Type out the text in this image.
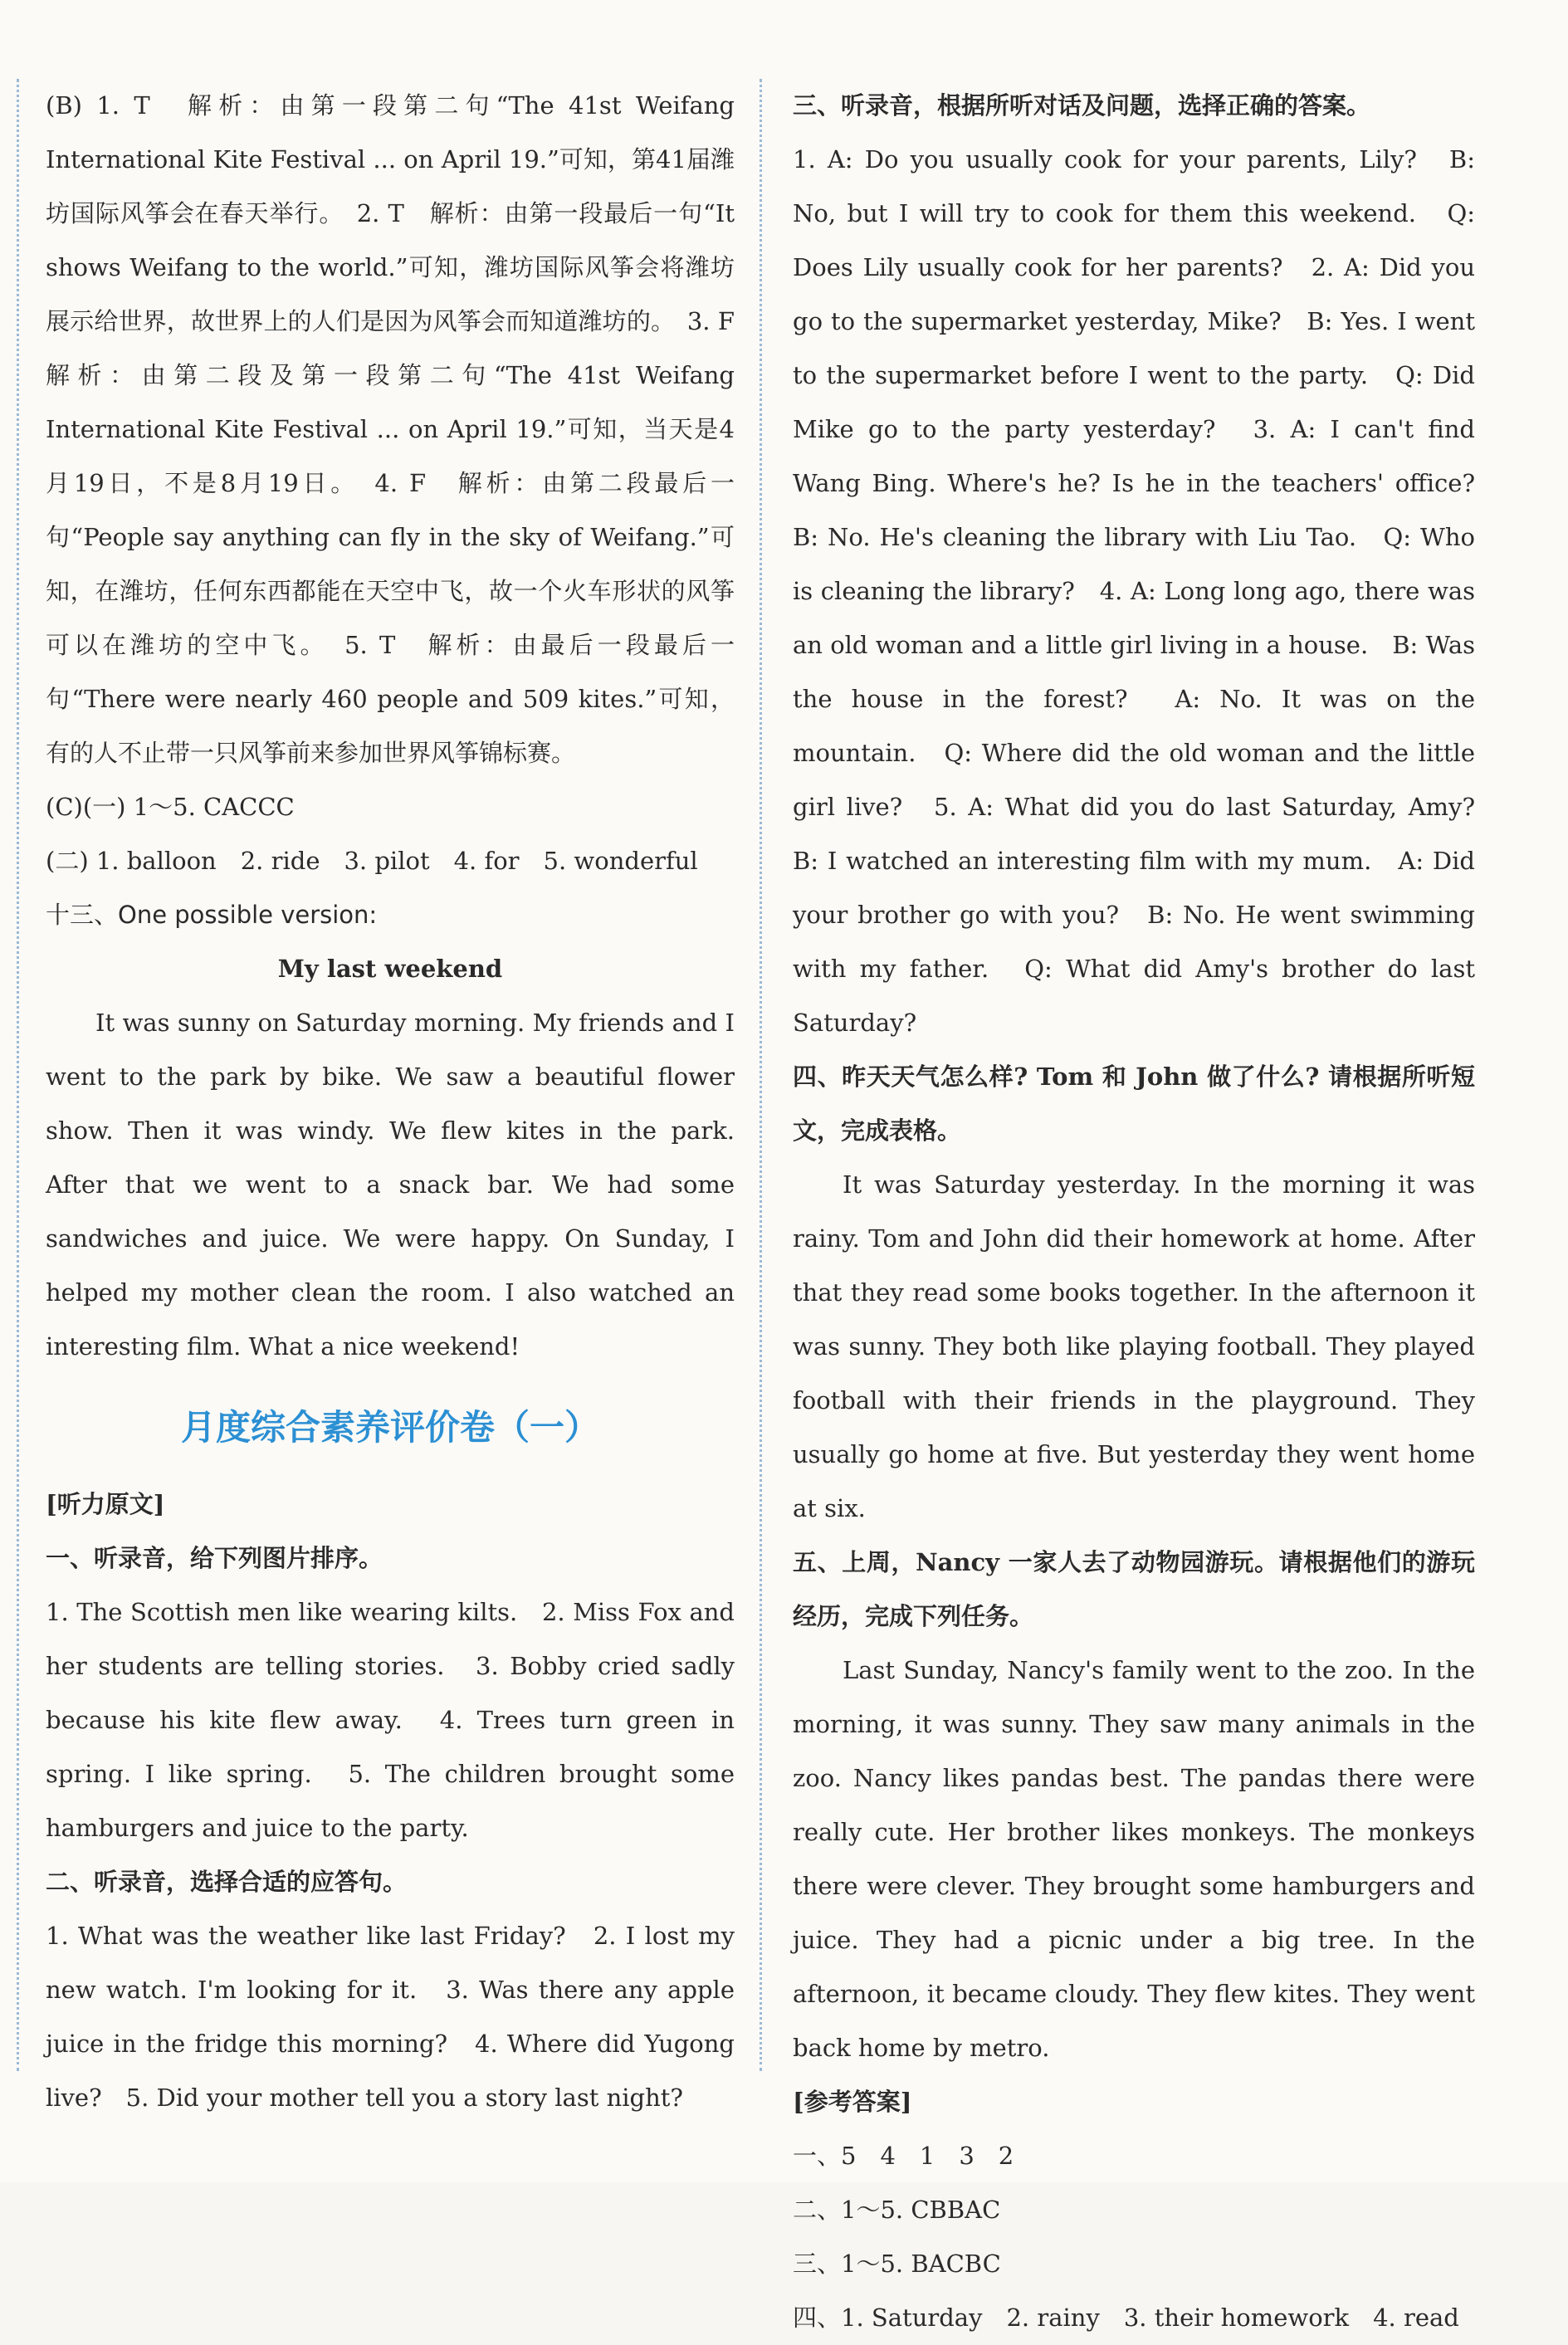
(B) 1. T　解析：由第一段第二句“The 41st Weifang International Kite Festival ... on April 19.”可知，第41届潍坊国际风筝会在春天举行。　2. T　解析：由第一段最后一句“It shows Weifang to the world.”可知，潍坊国际风筝会将潍坊展示给世界，故世界上的人们是因为风筝会而知道潍坊的。　3. F　解析：由第二段及第一段第二句“The 41st Weifang International Kite Festival ... on April 19.”可知，当天是4月19日，不是8月19日。　4. F　解析：由第二段最后一句“People say anything can fly in the sky of Weifang.”可知，在潍坊，任何东西都能在天空中飞，故一个火车形状的风筝可以在潍坊的空中飞。　5. T　解析：由最后一段最后一句“There were nearly 460 people and 509 kites.”可知，有的人不止带一只风筝前来参加世界风筝锦标赛。

(C)(一) 1～5. CACCC

(二) 1. balloon　2. ride　3. pilot　4. for　5. wonderful

十三、One possible version:

My last weekend

It was sunny on Saturday morning. My friends and I went to the park by bike. We saw a beautiful flower show. Then it was windy. We flew kites in the park. After that we went to a snack bar. We had some sandwiches and juice. We were happy. On Sunday, I helped my mother clean the room. I also watched an interesting film. What a nice weekend!

月度综合素养评价卷（一）

[听力原文]

一、听录音，给下列图片排序。

1. The Scottish men like wearing kilts.　2. Miss Fox and her students are telling stories.　3. Bobby cried sadly because his kite flew away.　4. Trees turn green in spring. I like spring.　5. The children brought some hamburgers and juice to the party.

二、听录音，选择合适的应答句。

1. What was the weather like last Friday?　2. I lost my new watch. I'm looking for it.　3. Was there any apple juice in the fridge this morning?　4. Where did Yugong live?　5. Did your mother tell you a story last night?

三、听录音，根据所听对话及问题，选择正确的答案。

1. A: Do you usually cook for your parents, Lily?　B: No, but I will try to cook for them this weekend.　Q: Does Lily usually cook for her parents?　2. A: Did you go to the supermarket yesterday, Mike?　B: Yes. I went to the supermarket before I went to the party.　Q: Did Mike go to the party yesterday?　3. A: I can't find Wang Bing. Where's he? Is he in the teachers' office?　B: No. He's cleaning the library with Liu Tao.　Q: Who is cleaning the library?　4. A: Long long ago, there was an old woman and a little girl living in a house.　B: Was the house in the forest?　A: No. It was on the mountain.　Q: Where did the old woman and the little girl live?　5. A: What did you do last Saturday, Amy?　B: I watched an interesting film with my mum.　A: Did your brother go with you?　B: No. He went swimming with my father.　Q: What did Amy's brother do last Saturday?

四、昨天天气怎么样? Tom 和 John 做了什么? 请根据所听短文，完成表格。

It was Saturday yesterday. In the morning it was rainy. Tom and John did their homework at home. After that they read some books together. In the afternoon it was sunny. They both like playing football. They played football with their friends in the playground. They usually go home at five. But yesterday they went home at six.

五、上周，Nancy 一家人去了动物园游玩。请根据他们的游玩经历，完成下列任务。

Last Sunday, Nancy's family went to the zoo. In the morning, it was sunny. They saw many animals in the zoo. Nancy likes pandas best. The pandas there were really cute. Her brother likes monkeys. The monkeys there were clever. They brought some hamburgers and juice. They had a picnic under a big tree. In the afternoon, it became cloudy. They flew kites. They went back home by metro.

[参考答案]

一、5　4　1　3　2

二、1～5. CBBAC

三、1～5. BACBC

四、1. Saturday　2. rainy　3. their homework　4. read
